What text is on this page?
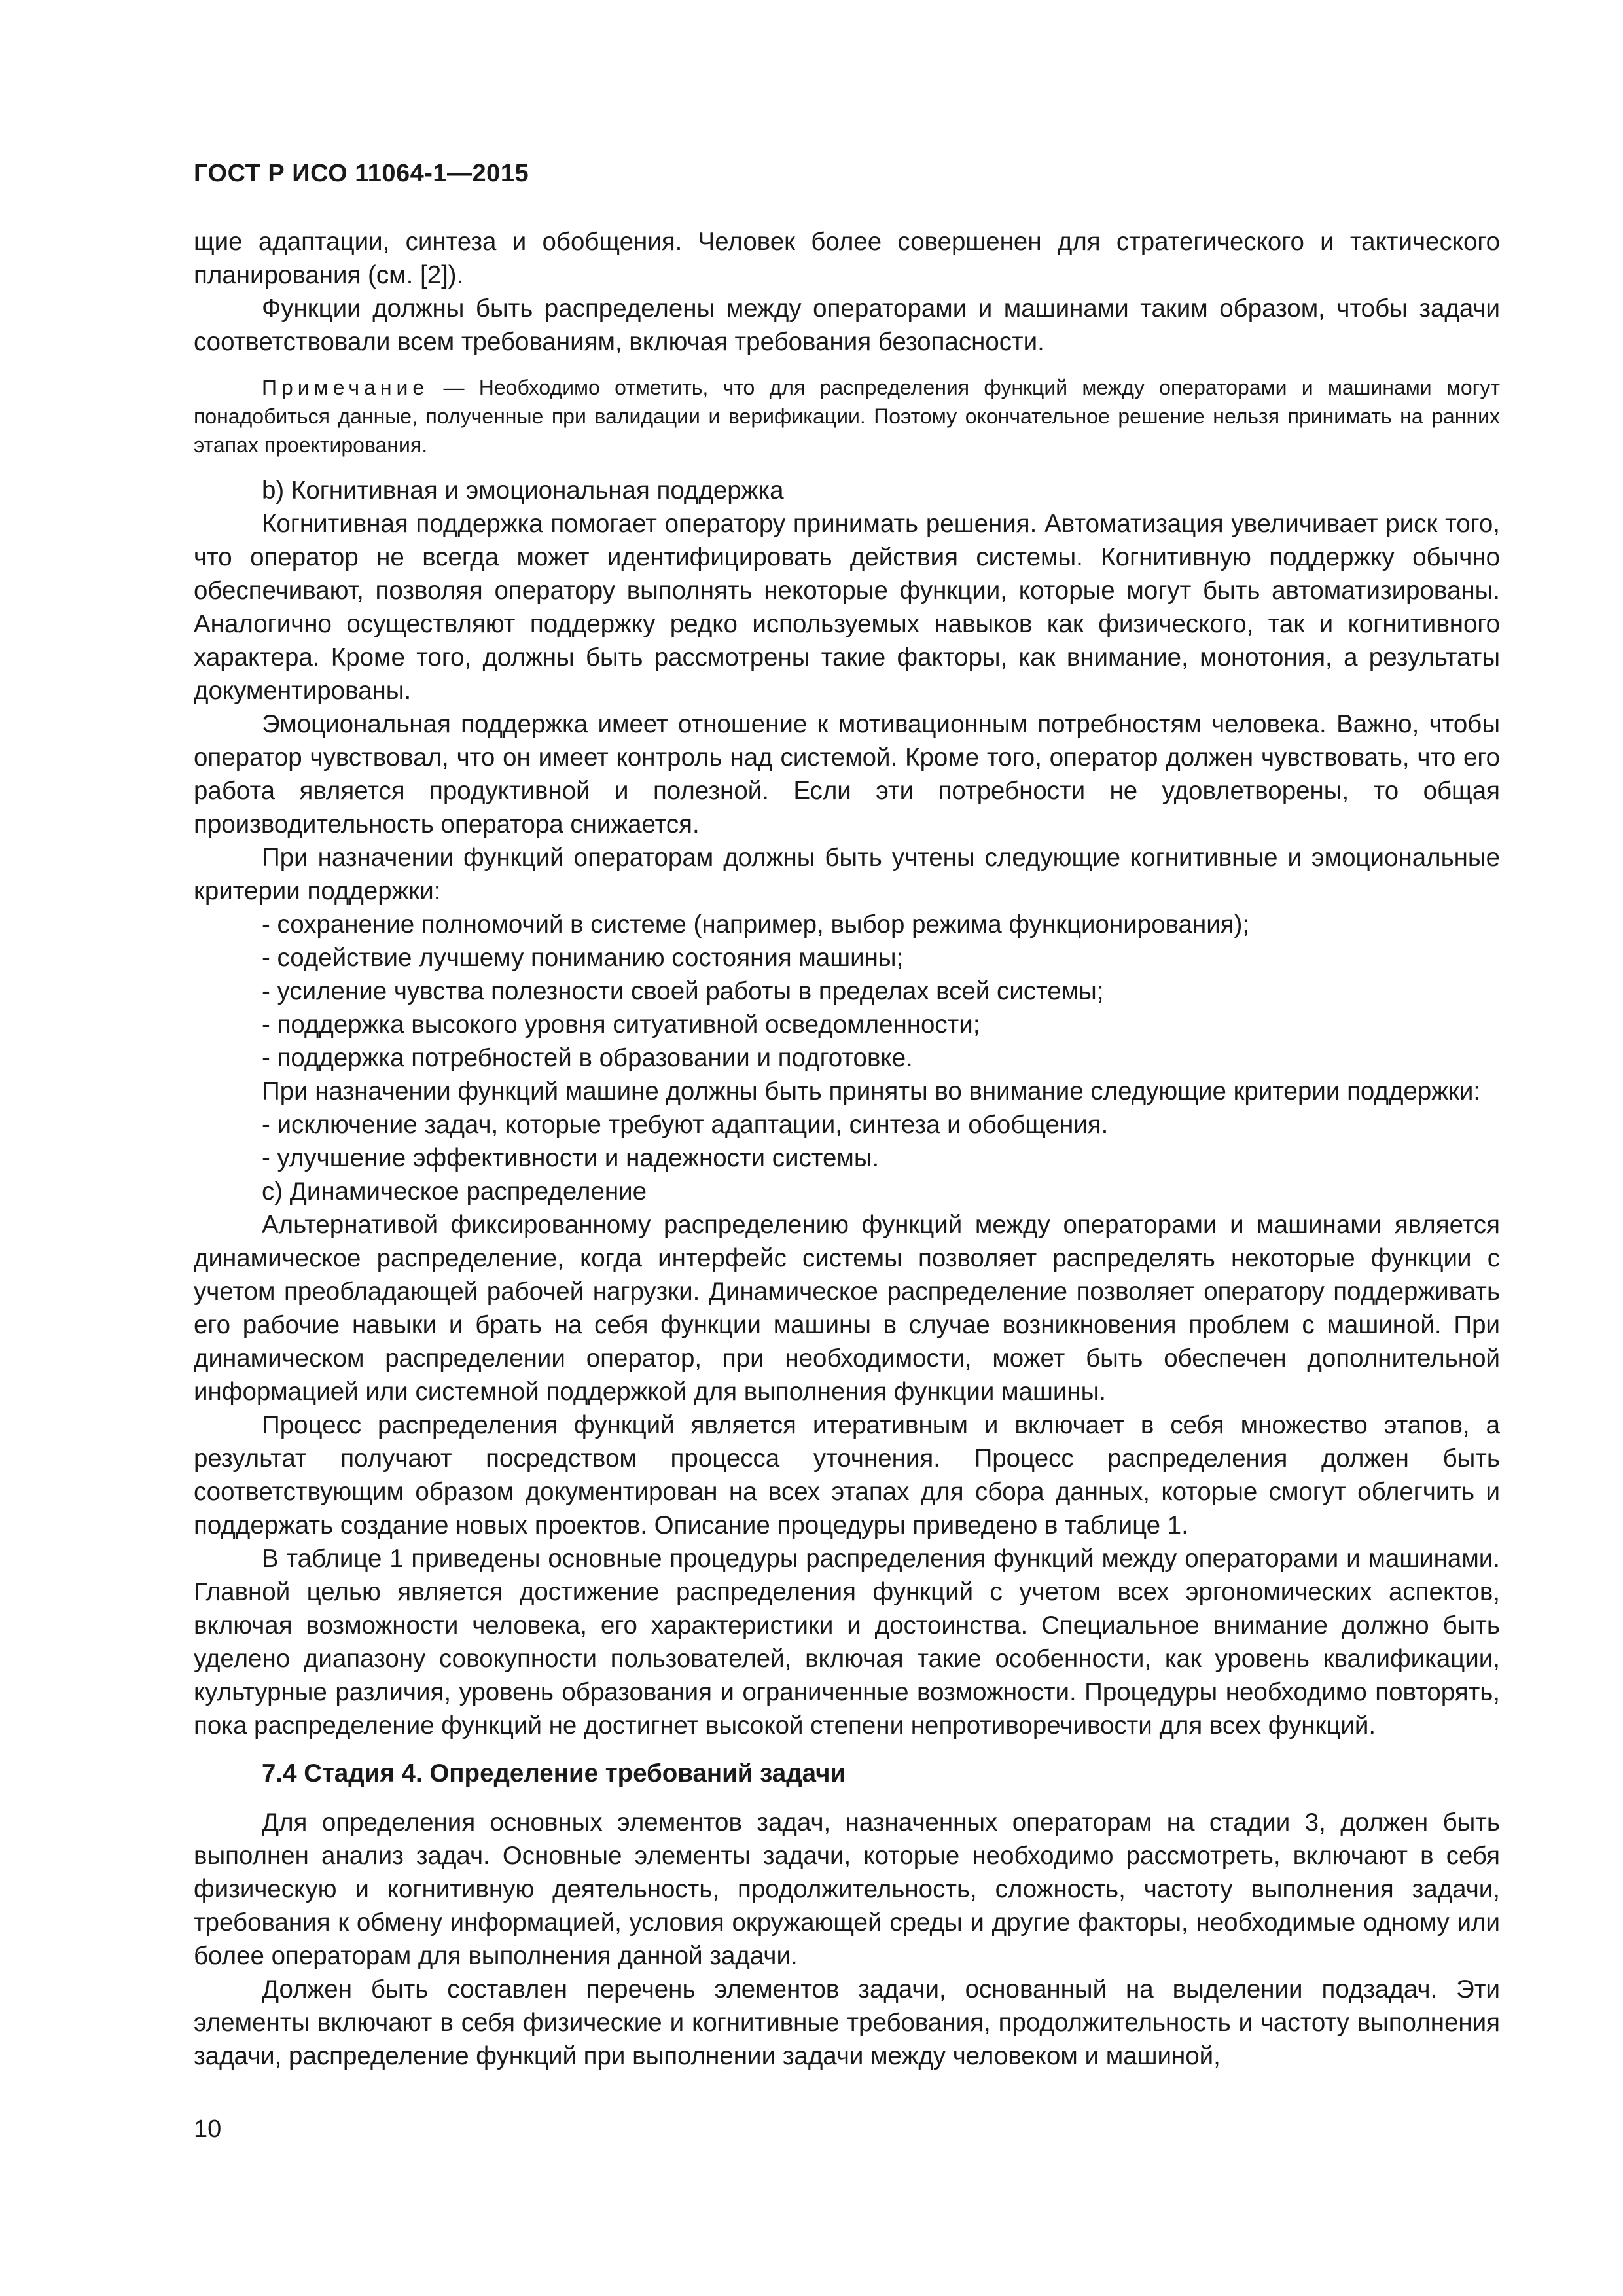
ГОСТ Р ИСО 11064-1—2015

щие адаптации, синтеза и обобщения. Человек более совершенен для стратегического и тактического планирования (см. [2]).

Функции должны быть распределены между операторами и машинами таким образом, чтобы задачи соответствовали всем требованиям, включая требования безопасности.

Примечание — Необходимо отметить, что для распределения функций между операторами и машинами могут понадобиться данные, полученные при валидации и верификации. Поэтому окончательное решение нельзя принимать на ранних этапах проектирования.

b) Когнитивная и эмоциональная поддержка

Когнитивная поддержка помогает оператору принимать решения. Автоматизация увеличивает риск того, что оператор не всегда может идентифицировать действия системы. Когнитивную поддержку обычно обеспечивают, позволяя оператору выполнять некоторые функции, которые могут быть автоматизированы. Аналогично осуществляют поддержку редко используемых навыков как физического, так и когнитивного характера. Кроме того, должны быть рассмотрены такие факторы, как внимание, монотония, а результаты документированы.

Эмоциональная поддержка имеет отношение к мотивационным потребностям человека. Важно, чтобы оператор чувствовал, что он имеет контроль над системой. Кроме того, оператор должен чувствовать, что его работа является продуктивной и полезной. Если эти потребности не удовлетворены, то общая производительность оператора снижается.

При назначении функций операторам должны быть учтены следующие когнитивные и эмоциональные критерии поддержки:

- сохранение полномочий в системе (например, выбор режима функционирования);

- содействие лучшему пониманию состояния машины;

- усиление чувства полезности своей работы в пределах всей системы;

- поддержка высокого уровня ситуативной осведомленности;

- поддержка потребностей в образовании и подготовке.

При назначении функций машине должны быть приняты во внимание следующие критерии поддержки:

- исключение задач, которые требуют адаптации, синтеза и обобщения.

- улучшение эффективности и надежности системы.

c) Динамическое распределение

Альтернативой фиксированному распределению функций между операторами и машинами является динамическое распределение, когда интерфейс системы позволяет распределять некоторые функции с учетом преобладающей рабочей нагрузки. Динамическое распределение позволяет оператору поддерживать его рабочие навыки и брать на себя функции машины в случае возникновения проблем с машиной. При динамическом распределении оператор, при необходимости, может быть обеспечен дополнительной информацией или системной поддержкой для выполнения функции машины.

Процесс распределения функций является итеративным и включает в себя множество этапов, а результат получают посредством процесса уточнения. Процесс распределения должен быть соответствующим образом документирован на всех этапах для сбора данных, которые смогут облегчить и поддержать создание новых проектов. Описание процедуры приведено в таблице 1.

В таблице 1 приведены основные процедуры распределения функций между операторами и машинами. Главной целью является достижение распределения функций с учетом всех эргономических аспектов, включая возможности человека, его характеристики и достоинства. Специальное внимание должно быть уделено диапазону совокупности пользователей, включая такие особенности, как уровень квалификации, культурные различия, уровень образования и ограниченные возможности. Процедуры необходимо повторять, пока распределение функций не достигнет высокой степени непротиворечивости для всех функций.

7.4 Стадия 4. Определение требований задачи

Для определения основных элементов задач, назначенных операторам на стадии 3, должен быть выполнен анализ задач. Основные элементы задачи, которые необходимо рассмотреть, включают в себя физическую и когнитивную деятельность, продолжительность, сложность, частоту выполнения задачи, требования к обмену информацией, условия окружающей среды и другие факторы, необходимые одному или более операторам для выполнения данной задачи.

Должен быть составлен перечень элементов задачи, основанный на выделении подзадач. Эти элементы включают в себя физические и когнитивные требования, продолжительность и частоту выполнения задачи, распределение функций при выполнении задачи между человеком и машиной,

10
